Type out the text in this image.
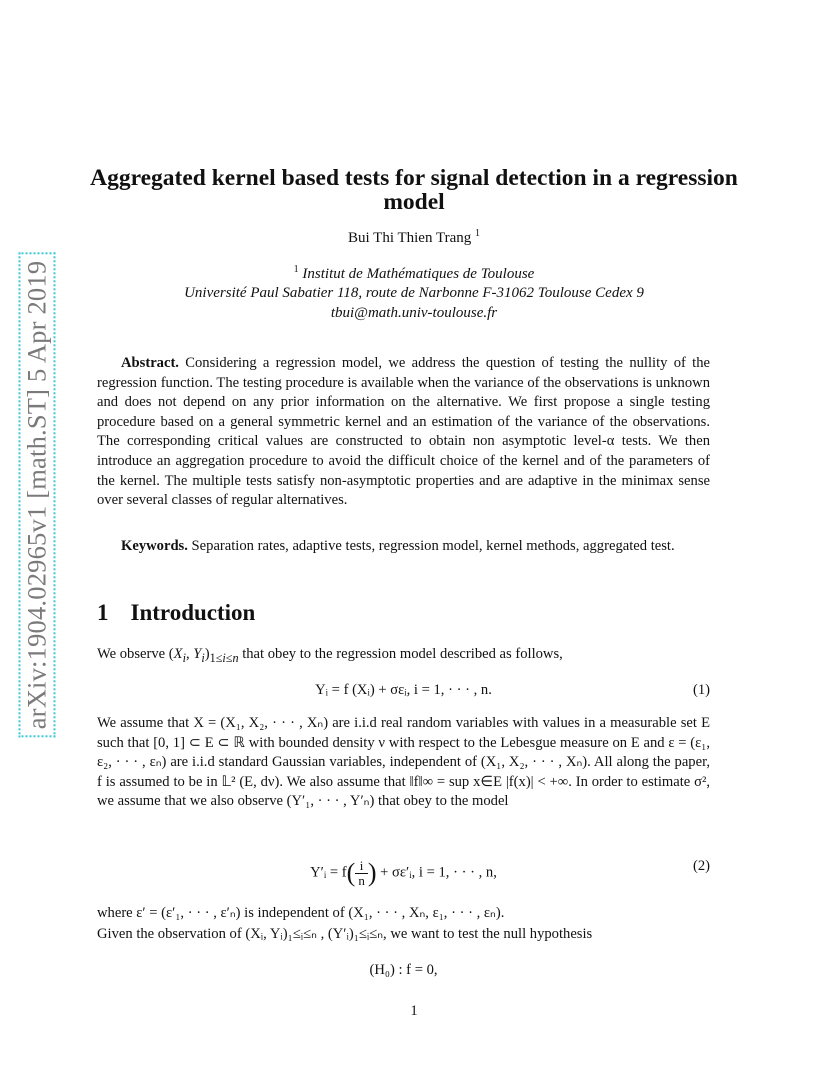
arXiv:1904.02965v1 [math.ST] 5 Apr 2019
Aggregated kernel based tests for signal detection in a regression model
Bui Thi Thien Trang $^1$
$^1$ Institut de Mathématiques de Toulouse
Université Paul Sabatier 118, route de Narbonne F-31062 Toulouse Cedex 9
tbui@math.univ-toulouse.fr

Abstract. Considering a regression model, we address the question of testing the nullity of the regression function. The testing procedure is available when the variance of the observations is unknown and does not depend on any prior information on the alternative. We first propose a single testing procedure based on a general symmetric kernel and an estimation of the variance of the observations. The corresponding critical values are constructed to obtain non asymptotic level-α tests. We then introduce an aggregation procedure to avoid the difficult choice of the kernel and of the parameters of the kernel. The multiple tests satisfy non-asymptotic properties and are adaptive in the minimax sense over several classes of regular alternatives.

Keywords. Separation rates, adaptive tests, regression model, kernel methods, aggregated test.

1 Introduction

We observe ($X_i$, $Y_i)_{1\le i\le n}$ that obey to the regression model described as follows,

Yᵢ = f (Xᵢ) + σεᵢ, i = 1, · · · , n.	(1)

We assume that X = (X₁, X₂, · · · , Xₙ) are i.i.d real random variables with values in a measurable set E such that [0, 1] ⊂ E ⊂ ℝ with bounded density ν with respect to the Lebesgue measure on E and ε = (ε₁, ε₂, · · · , εₙ) are i.i.d standard Gaussian variables, independent of (X₁, X₂, · · · , Xₙ). All along the paper, f is assumed to be in 𝕃² (E, dν). We also assume that ‖f‖∞ = sup x∈E |f(x)| < +∞. In order to estimate σ², we assume that we also observe (Y′₁, · · · , Y′ₙ) that obey to the model

Y′ᵢ = $f( \frac{i}{n}$ ) + σε′ᵢ, i = 1, · · · , n,	(2)

where ε′ = (ε′₁, · · · , ε′ₙ) is independent of (X₁, · · · , Xₙ, ε₁, · · · , εₙ).

Given the observation of (Xᵢ, Yᵢ)₁≤ᵢ≤ₙ , (Y′ᵢ)₁≤ᵢ≤ₙ, we want to test the null hypothesis

(H₀) : f = 0,
1
